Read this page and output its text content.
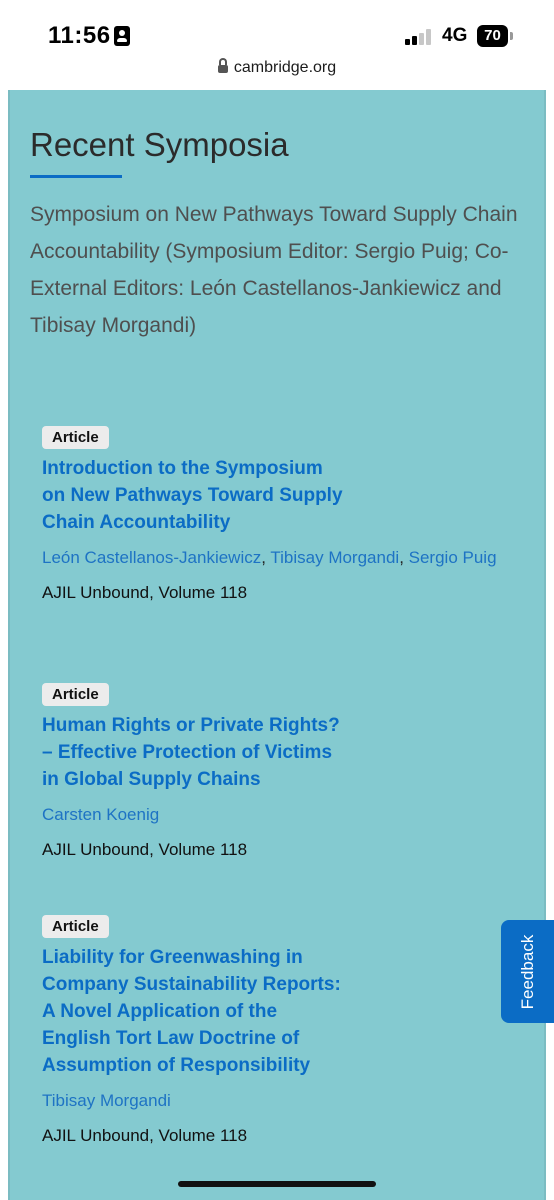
11:56	4G	70
cambridge.org
Recent Symposia

Symposium on New Pathways Toward Supply Chain Accountability (Symposium Editor: Sergio Puig; Co-External Editors: León Castellanos-Jankiewicz and Tibisay Morgandi)

Article
Introduction to the Symposium
on New Pathways Toward Supply
Chain Accountability

León Castellanos-Jankiewicz, Tibisay Morgandi, Sergio Puig

AJIL Unbound, Volume 118

Article
Human Rights or Private Rights?
– Effective Protection of Victims
in Global Supply Chains

Carsten Koenig

AJIL Unbound, Volume 118

Article
Liability for Greenwashing in
Company Sustainability Reports:
A Novel Application of the
English Tort Law Doctrine of
Assumption of Responsibility

Tibisay Morgandi

AJIL Unbound, Volume 118

Feedback
